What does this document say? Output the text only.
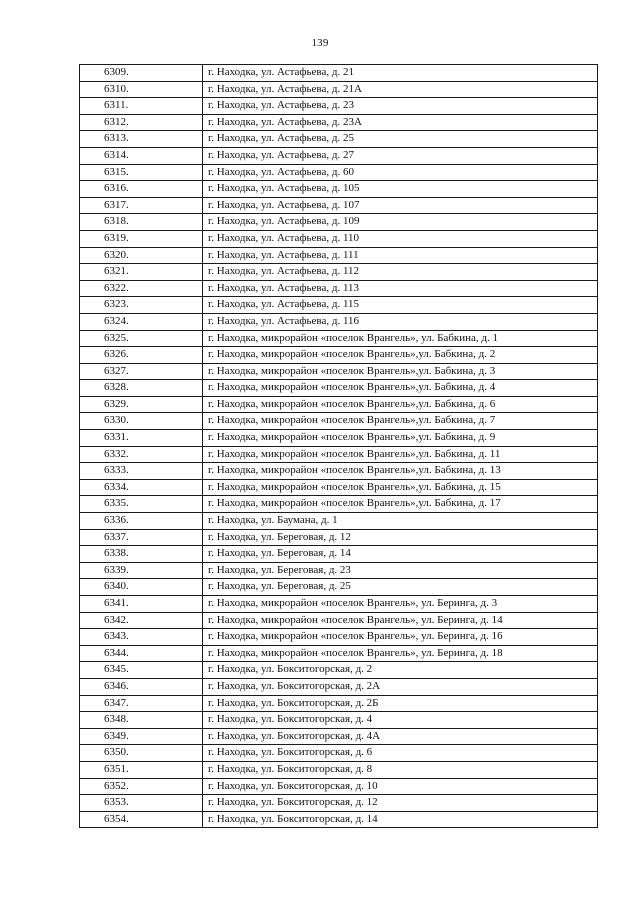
139
6309.	г. Находка, ул. Астафьева, д. 21
6310.	г. Находка, ул. Астафьева, д. 21А
6311.	г. Находка, ул. Астафьева, д. 23
6312.	г. Находка, ул. Астафьева, д. 23А
6313.	г. Находка, ул. Астафьева, д. 25
6314.	г. Находка, ул. Астафьева, д. 27
6315.	г. Находка, ул. Астафьева, д. 60
6316.	г. Находка, ул. Астафьева, д. 105
6317.	г. Находка, ул. Астафьева, д. 107
6318.	г. Находка, ул. Астафьева, д. 109
6319.	г. Находка, ул. Астафьева, д. 110
6320.	г. Находка, ул. Астафьева, д. 111
6321.	г. Находка, ул. Астафьева, д. 112
6322.	г. Находка, ул. Астафьева, д. 113
6323.	г. Находка, ул. Астафьева, д. 115
6324.	г. Находка, ул. Астафьева, д. 116
6325.	г. Находка, микрорайон «поселок Врангель», ул. Бабкина, д. 1
6326.	г. Находка, микрорайон «поселок Врангель»,ул. Бабкина, д. 2
6327.	г. Находка, микрорайон «поселок Врангель»,ул. Бабкина, д. 3
6328.	г. Находка, микрорайон «поселок Врангель»,ул. Бабкина, д. 4
6329.	г. Находка, микрорайон «поселок Врангель»,ул. Бабкина, д. 6
6330.	г. Находка, микрорайон «поселок Врангель»,ул. Бабкина, д. 7
6331.	г. Находка, микрорайон «поселок Врангель»,ул. Бабкина, д. 9
6332.	г. Находка, микрорайон «поселок Врангель»,ул. Бабкина, д. 11
6333.	г. Находка, микрорайон «поселок Врангель»,ул. Бабкина, д. 13
6334.	г. Находка, микрорайон «поселок Врангель»,ул. Бабкина, д. 15
6335.	г. Находка, микрорайон «поселок Врангель»,ул. Бабкина, д. 17
6336.	г. Находка, ул. Баумана, д. 1
6337.	г. Находка, ул. Береговая, д. 12
6338.	г. Находка, ул. Береговая, д. 14
6339.	г. Находка, ул. Береговая, д. 23
6340.	г. Находка, ул. Береговая, д. 25
6341.	г. Находка, микрорайон «поселок Врангель», ул. Беринга, д. 3
6342.	г. Находка, микрорайон «поселок Врангель», ул. Беринга, д. 14
6343.	г. Находка, микрорайон «поселок Врангель», ул. Беринга, д. 16
6344.	г. Находка, микрорайон «поселок Врангель», ул. Беринга, д. 18
6345.	г. Находка, ул. Бокситогорская, д. 2
6346.	г. Находка, ул. Бокситогорская, д. 2А
6347.	г. Находка, ул. Бокситогорская, д. 2Б
6348.	г. Находка, ул. Бокситогорская, д. 4
6349.	г. Находка, ул. Бокситогорская, д. 4А
6350.	г. Находка, ул. Бокситогорская, д. 6
6351.	г. Находка, ул. Бокситогорская, д. 8
6352.	г. Находка, ул. Бокситогорская, д. 10
6353.	г. Находка, ул. Бокситогорская, д. 12
6354.	г. Находка, ул. Бокситогорская, д. 14
